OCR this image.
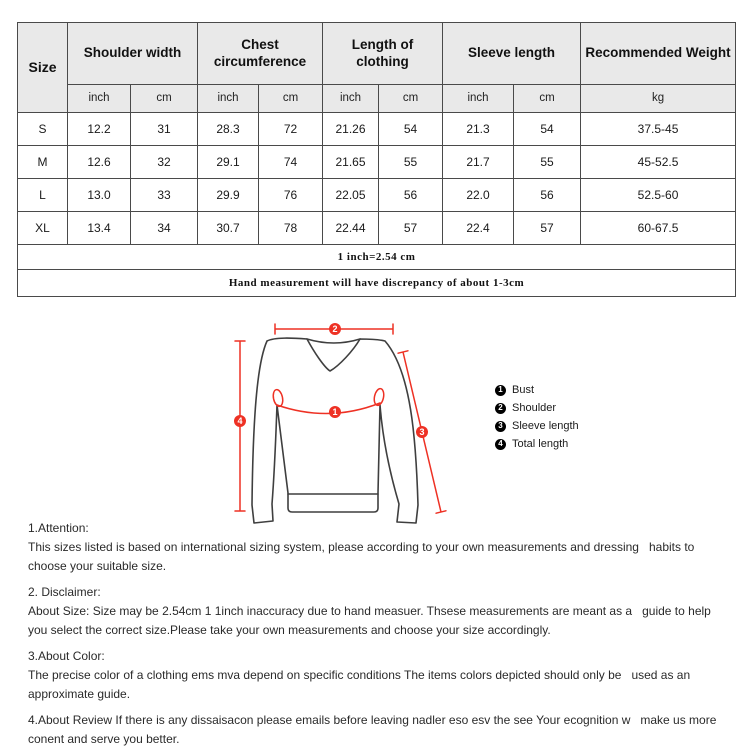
Size	Shoulder width		Chest circumference		Length of clothing		Sleeve length		Recommended Weight
	inch	cm	inch	cm	inch	cm	inch	cm	kg
S	12.2	31	28.3	72	21.26	54	21.3	54	37.5-45
M	12.6	32	29.1	74	21.65	55	21.7	55	45-52.5
L	13.0	33	29.9	76	22.05	56	22.0	56	52.5-60
XL	13.4	34	30.7	78	22.44	57	22.4	57	60-67.5
1 inch=2.54 cm									
Hand measurement will have discrepancy of about 1-3cm									
2
4
3
1
1 Bust
2 Shoulder
3 Sleeve length
4 Total length
1.Attention:
This sizes listed is based on international sizing system, please according to your own measurements and dressing   habits to choose your suitable size.
2. Disclaimer:
About Size: Size may be 2.54cm 1 1inch inaccuracy due to hand measuer. Thsese measurements are meant as a   guide to help you select the correct size.Please take your own measurements and choose your size accordingly.
3.About Color:
The precise color of a clothing ems mva depend on specific conditions The items colors depicted should only be   used as an approximate guide.
4.About Review If there is any dissaisacon please emails before leaving nadler eso esv the see Your ecognition w   make us more conent and serve you better.
